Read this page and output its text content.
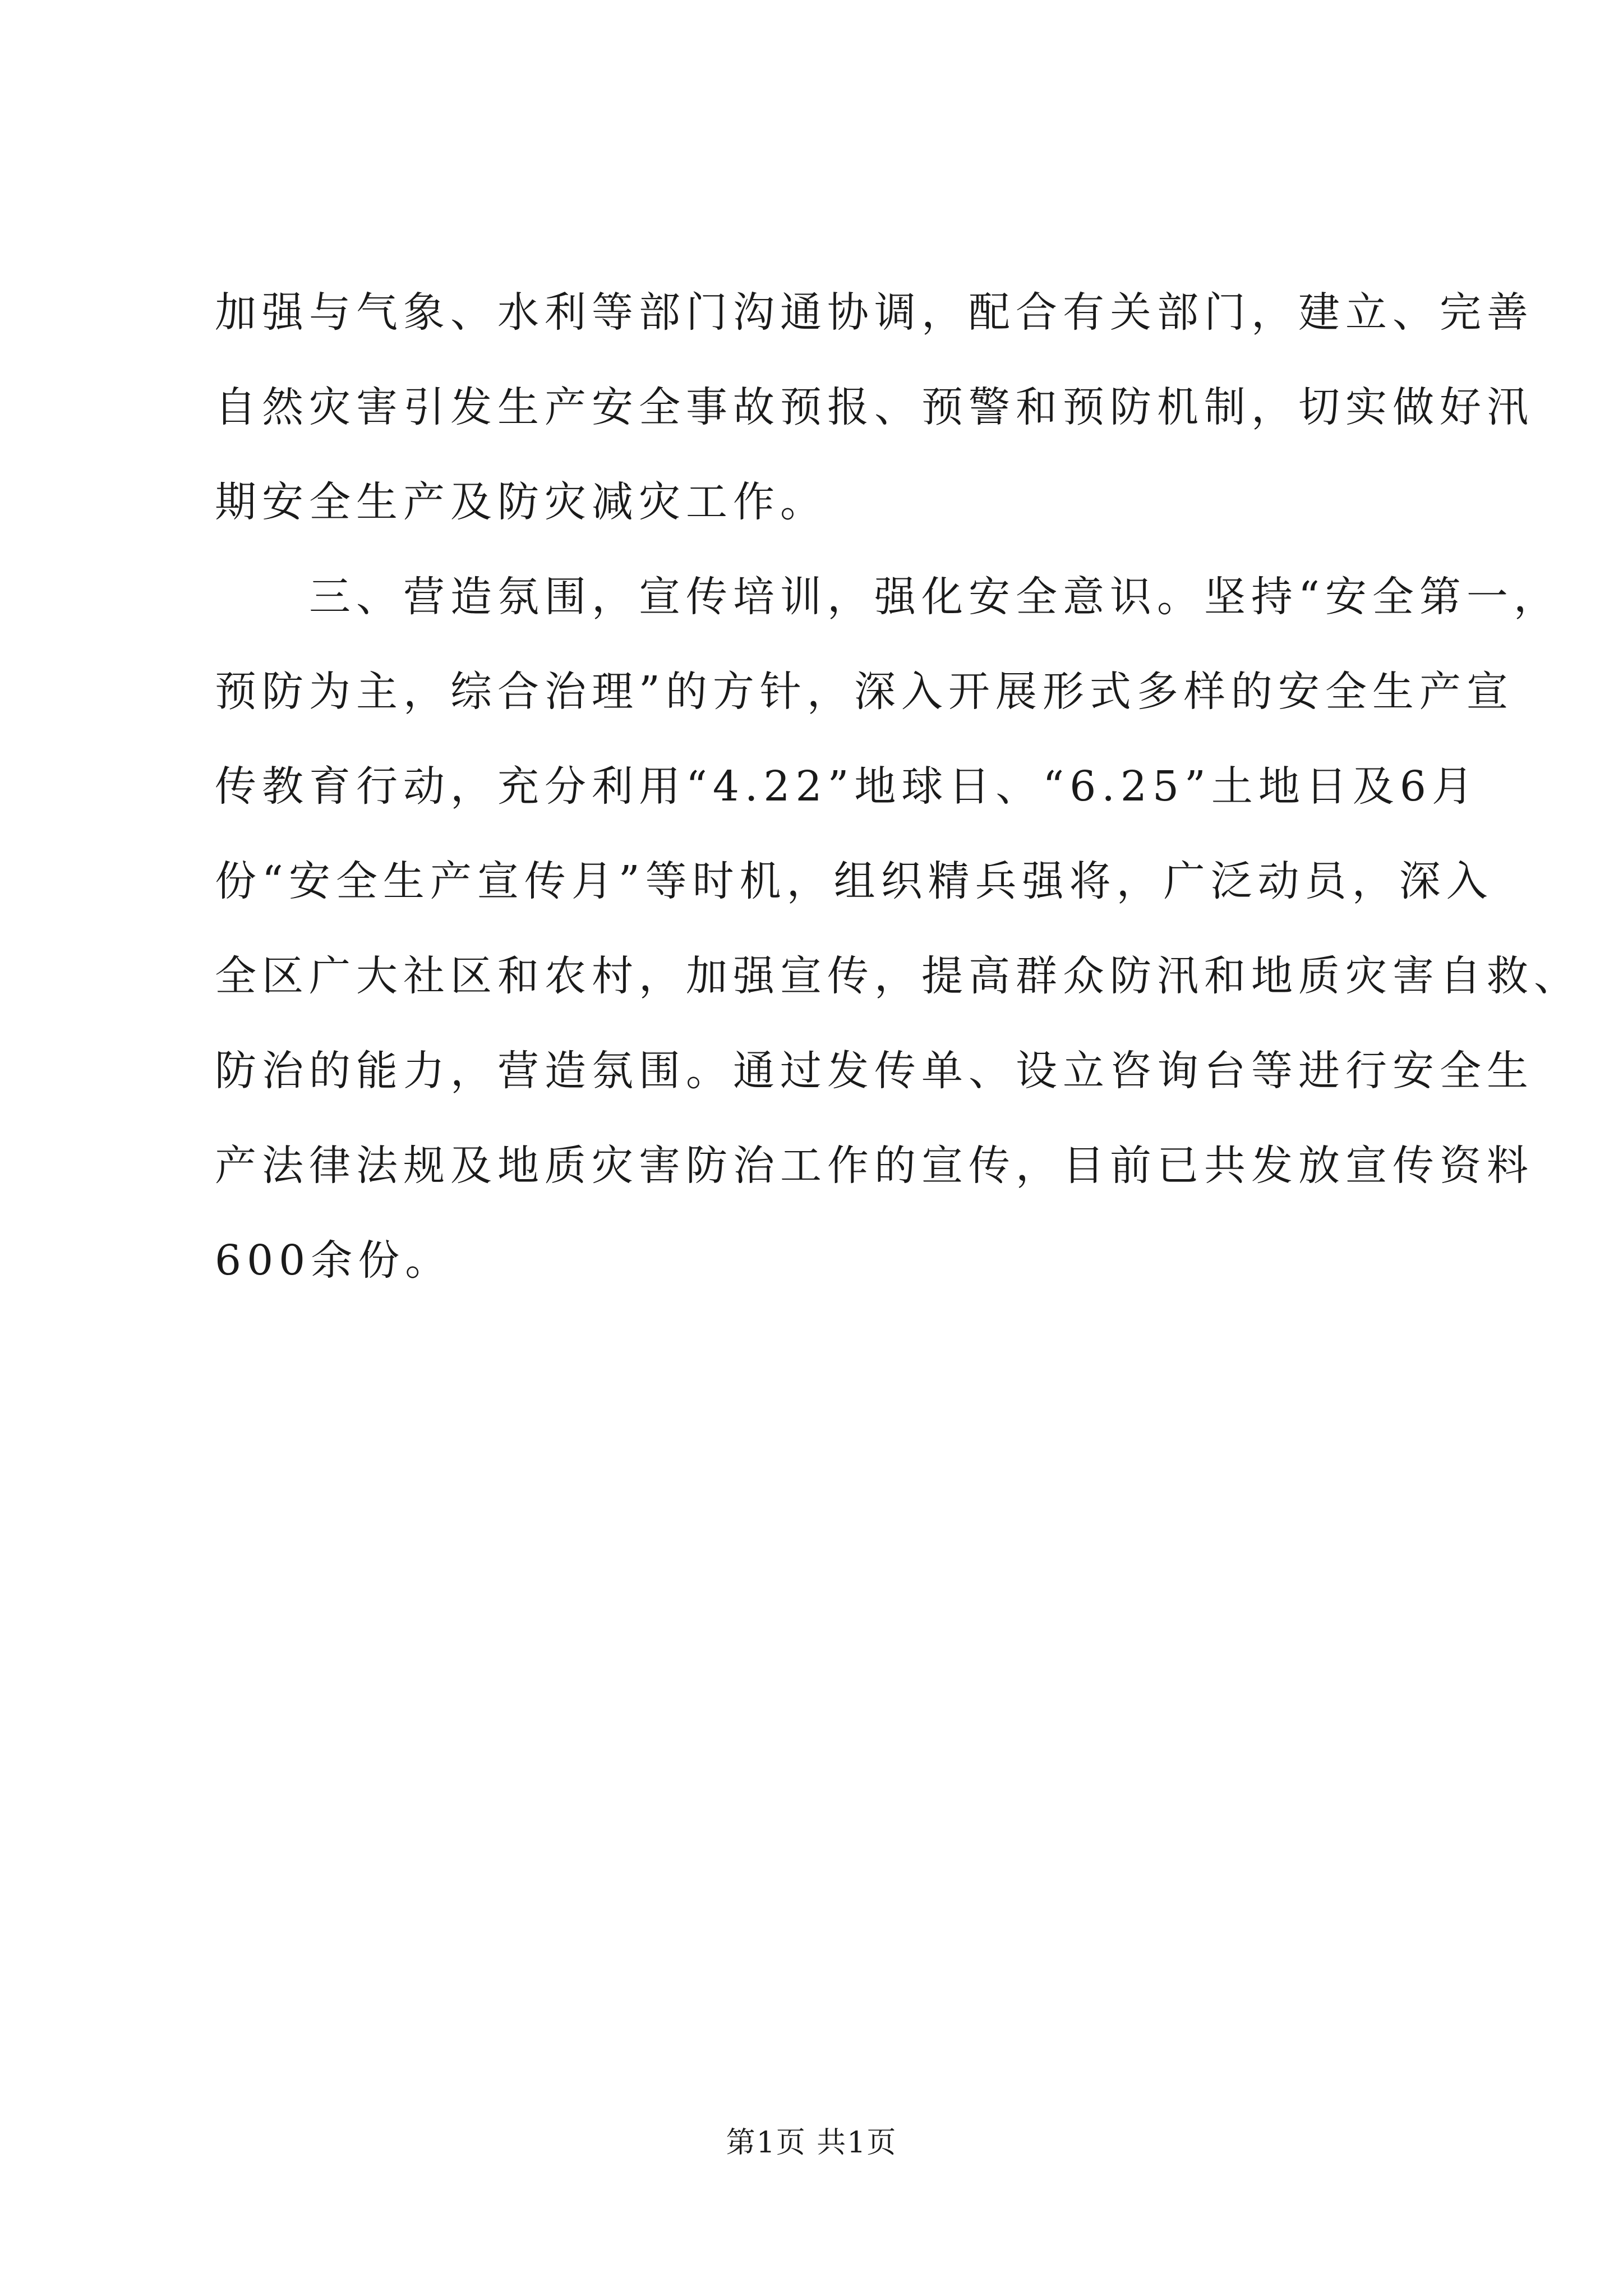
加强与气象、水利等部门沟通协调，配合有关部门，建立、完善
自然灾害引发生产安全事故预报、预警和预防机制，切实做好汛
期安全生产及防灾减灾工作。
　　三、营造氛围，宣传培训，强化安全意识。坚持“安全第一，
预防为主，综合治理”的方针，深入开展形式多样的安全生产宣
传教育行动，充分利用“4.22”地球日、“6.25”土地日及6月
份“安全生产宣传月”等时机，组织精兵强将，广泛动员，深入
全区广大社区和农村，加强宣传，提高群众防汛和地质灾害自救、
防治的能力，营造氛围。通过发传单、设立咨询台等进行安全生
产法律法规及地质灾害防治工作的宣传，目前已共发放宣传资料
600余份。
第1页 共1页
